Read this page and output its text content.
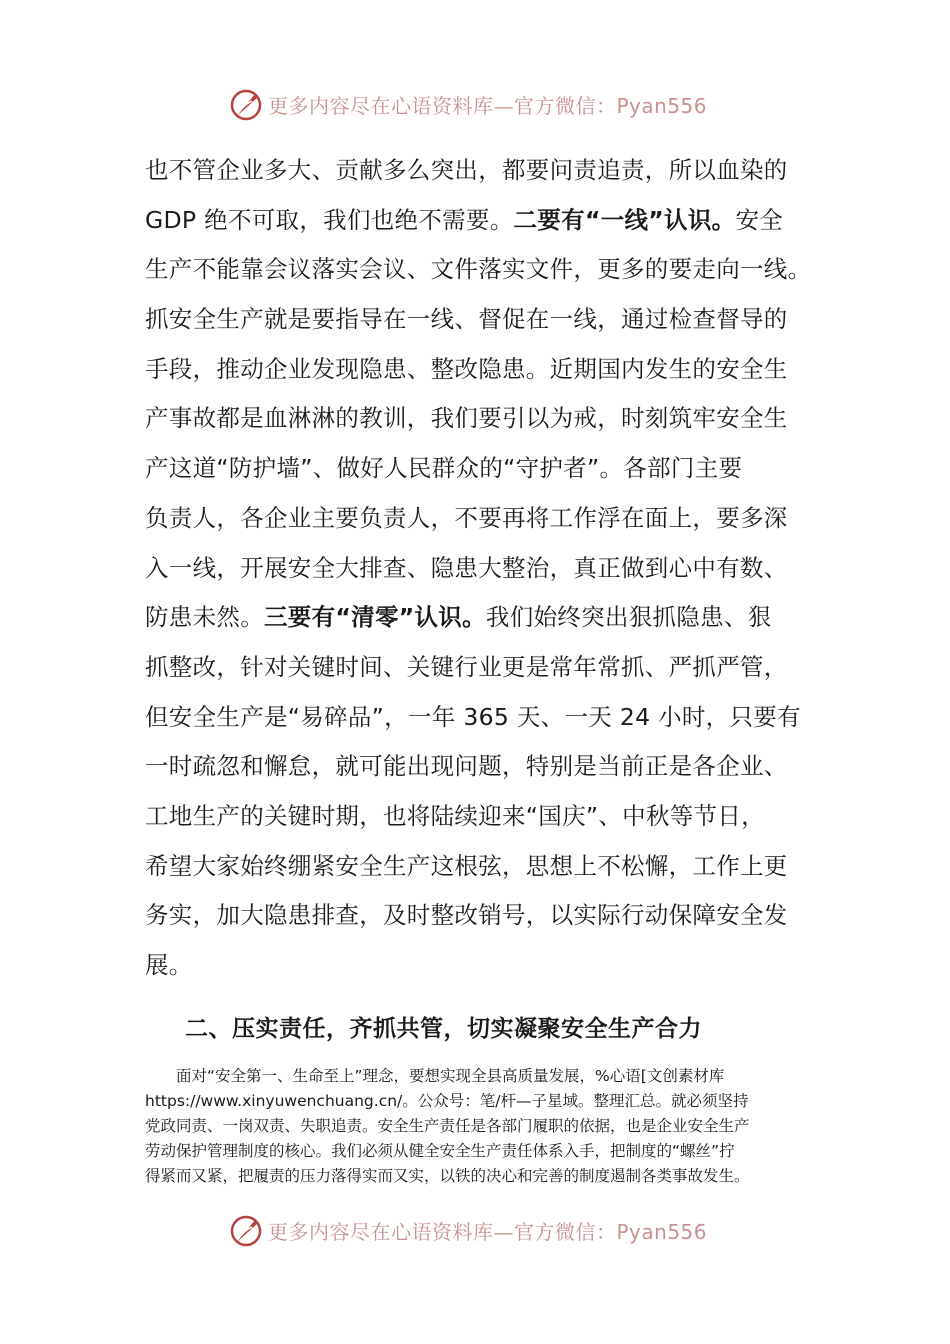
更多内容尽在心语资料库—官方微信：Pyan556
也不管企业多大、贡献多么突出，都要问责追责，所以血染的
GDP 绝不可取，我们也绝不需要。二要有“一线”认识。安全
生产不能靠会议落实会议、文件落实文件，更多的要走向一线。
抓安全生产就是要指导在一线、督促在一线，通过检查督导的
手段，推动企业发现隐患、整改隐患。近期国内发生的安全生
产事故都是血淋淋的教训，我们要引以为戒，时刻筑牢安全生
产这道“防护墙”、做好人民群众的“守护者”。各部门主要
负责人，各企业主要负责人，不要再将工作浮在面上，要多深
入一线，开展安全大排查、隐患大整治，真正做到心中有数、
防患未然。三要有“清零”认识。我们始终突出狠抓隐患、狠
抓整改，针对关键时间、关键行业更是常年常抓、严抓严管，
但安全生产是“易碎品”，一年 365 天、一天 24 小时，只要有
一时疏忽和懈怠，就可能出现问题，特别是当前正是各企业、
工地生产的关键时期，也将陆续迎来“国庆”、中秋等节日，
希望大家始终绷紧安全生产这根弦，思想上不松懈，工作上更
务实，加大隐患排查，及时整改销号，以实际行动保障安全发
展。
二、压实责任，齐抓共管，切实凝聚安全生产合力
　　面对“安全第一、生命至上”理念，要想实现全县高质量发展，%心语[文创素材库
https://www.xinyuwenchuang.cn/。公众号：笔/杆—子星域。整理汇总。就必须坚持
党政同责、一岗双责、失职追责。安全生产责任是各部门履职的依据，也是企业安全生产
劳动保护管理制度的核心。我们必须从健全安全生产责任体系入手，把制度的“螺丝”拧
得紧而又紧，把履责的压力落得实而又实，以铁的决心和完善的制度遏制各类事故发生。
更多内容尽在心语资料库—官方微信：Pyan556
